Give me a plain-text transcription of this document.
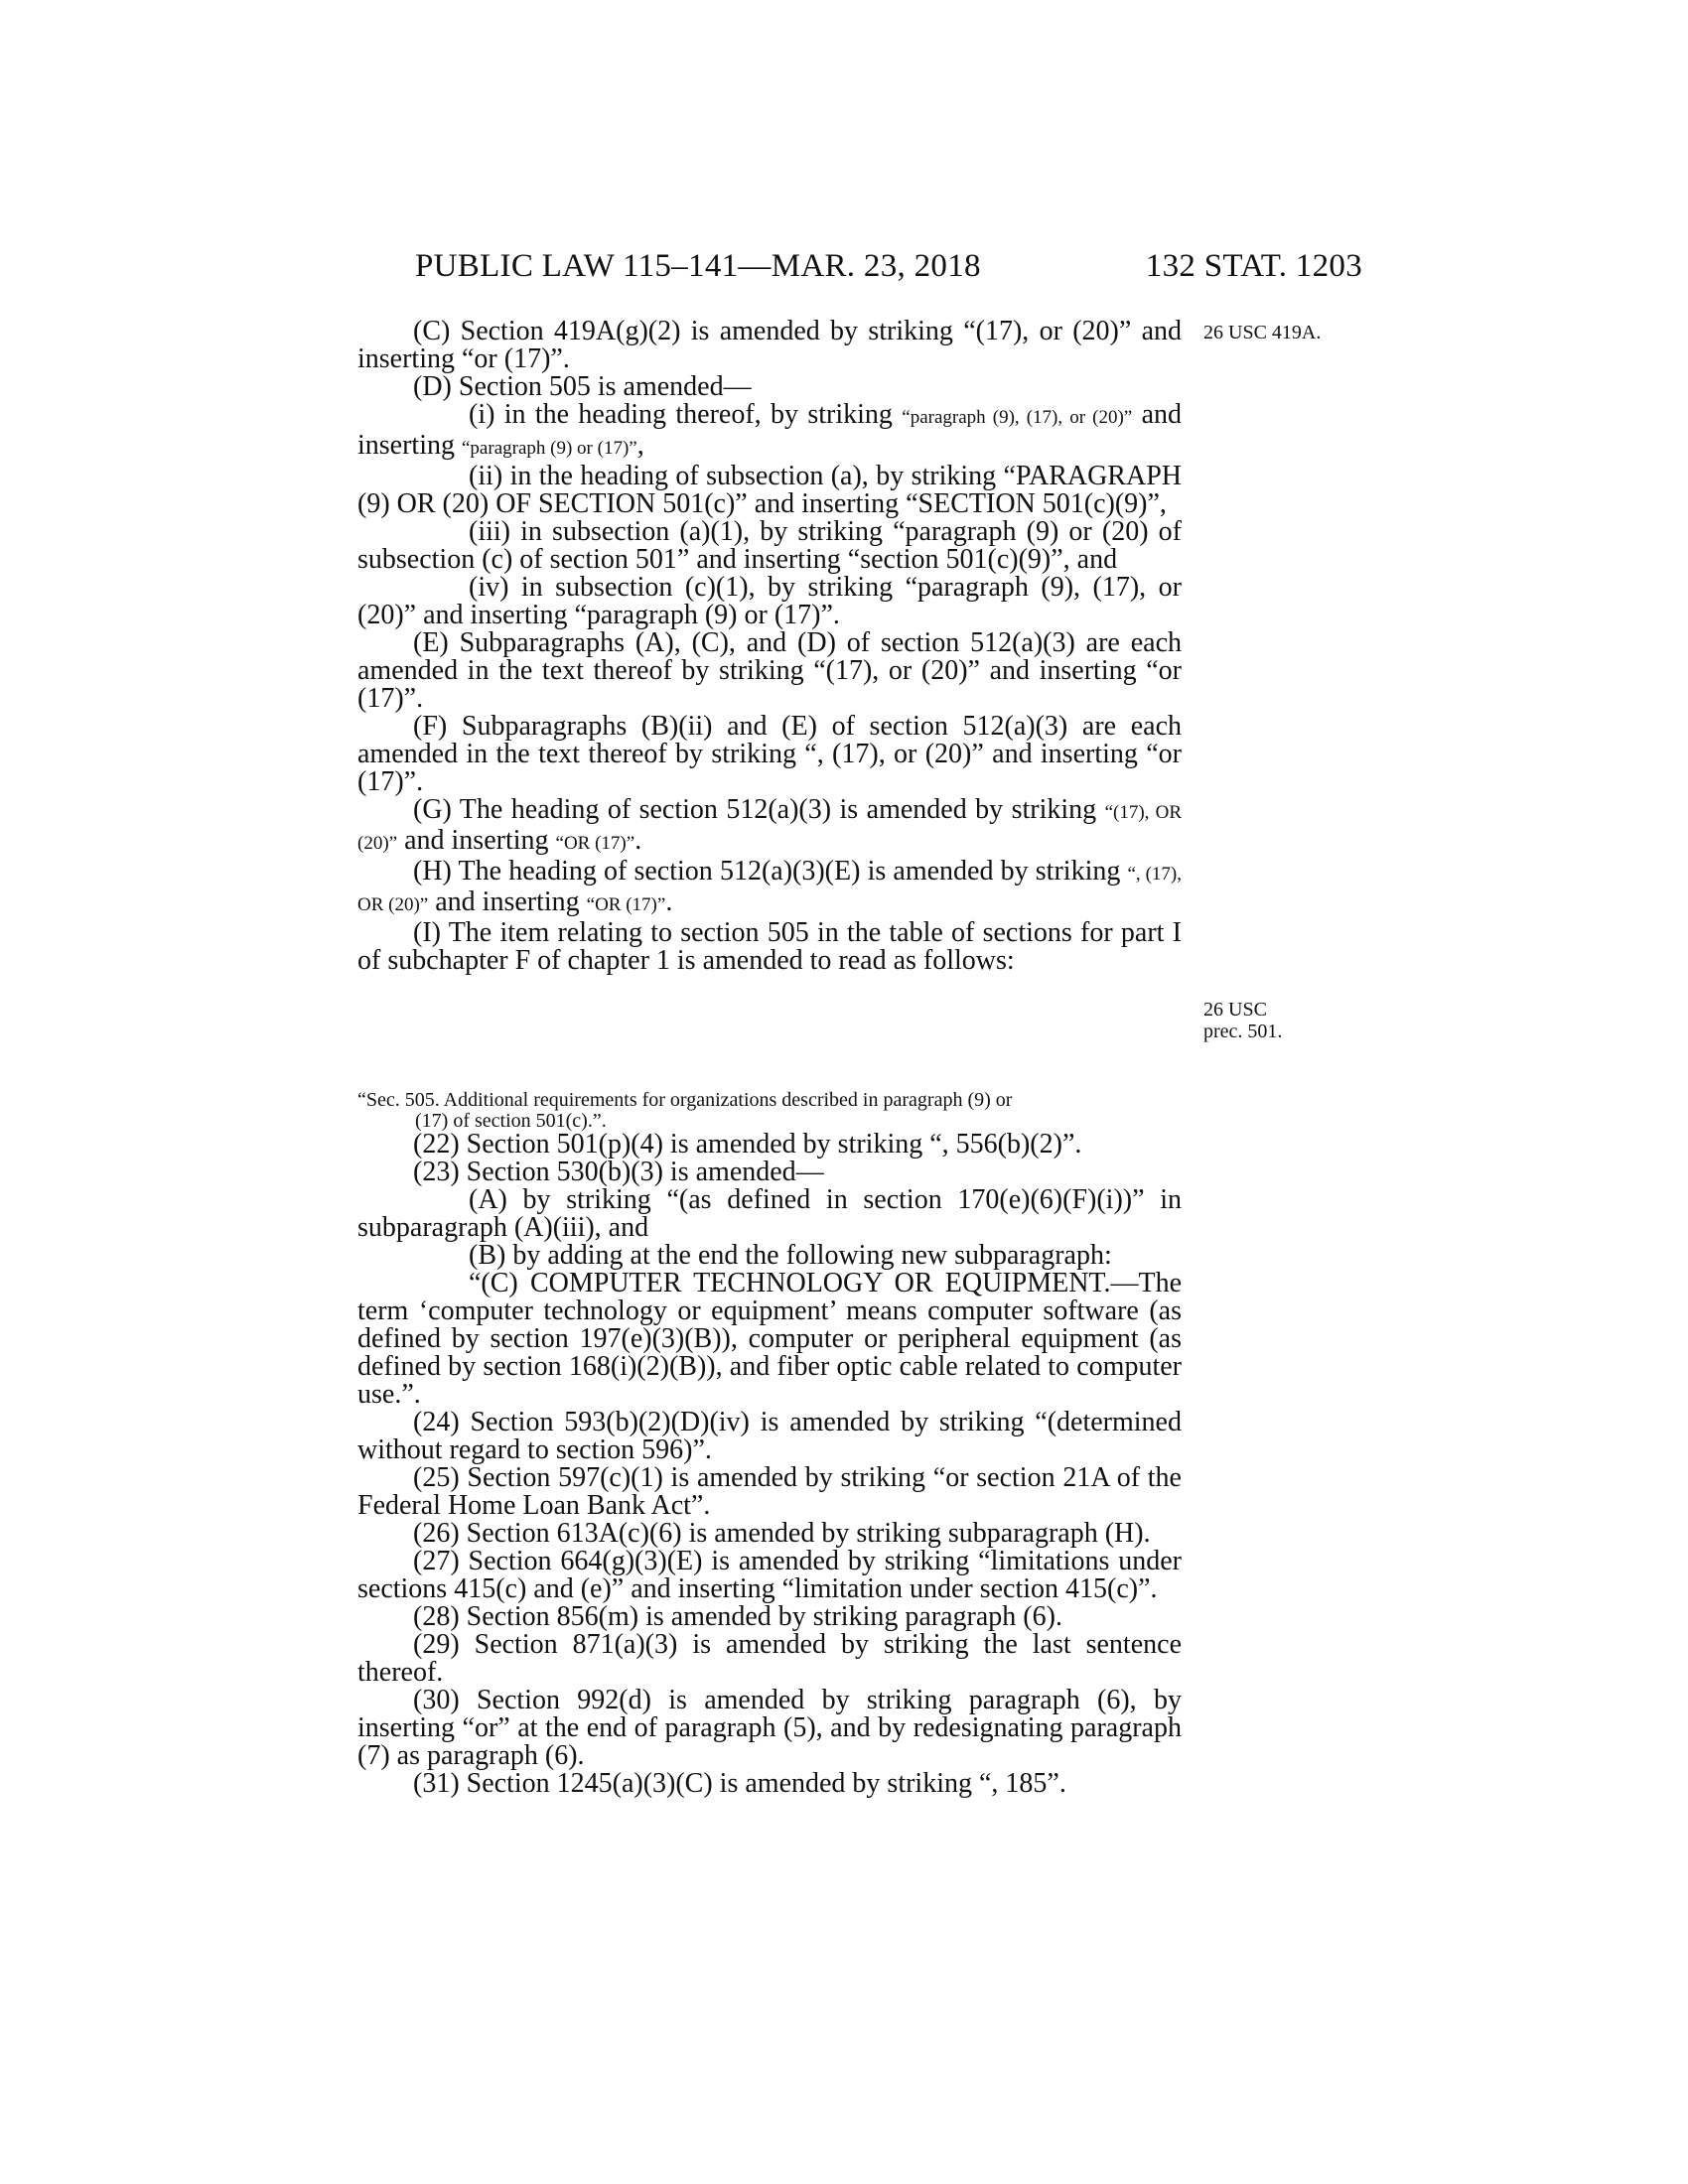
PUBLIC LAW 115–141—MAR. 23, 2018	132 STAT. 1203
26 USC 419A.
26 USC
prec. 501.

(C) Section 419A(g)(2) is amended by striking “(17), or (20)” and inserting “or (17)”.

(D) Section 505 is amended—

(i) in the heading thereof, by striking “paragraph (9), (17), or (20)” and inserting “paragraph (9) or (17)”,

(ii) in the heading of subsection (a), by striking “PARAGRAPH (9) OR (20) OF SECTION 501(c)” and inserting “SECTION 501(c)(9)”,

(iii) in subsection (a)(1), by striking “paragraph (9) or (20) of subsection (c) of section 501” and inserting “section 501(c)(9)”, and

(iv) in subsection (c)(1), by striking “paragraph (9), (17), or (20)” and inserting “paragraph (9) or (17)”.

(E) Subparagraphs (A), (C), and (D) of section 512(a)(3) are each amended in the text thereof by striking “(17), or (20)” and inserting “or (17)”.

(F) Subparagraphs (B)(ii) and (E) of section 512(a)(3) are each amended in the text thereof by striking “, (17), or (20)” and inserting “or (17)”.

(G) The heading of section 512(a)(3) is amended by striking “(17), OR (20)” and inserting “OR (17)”.

(H) The heading of section 512(a)(3)(E) is amended by striking “, (17), OR (20)” and inserting “OR (17)”.

(I) The item relating to section 505 in the table of sections for part I of subchapter F of chapter 1 is amended to read as follows:

“Sec. 505. Additional requirements for organizations described in paragraph (9) or
(17) of section 501(c).”.

(22) Section 501(p)(4) is amended by striking “, 556(b)(2)”.

(23) Section 530(b)(3) is amended—

(A) by striking “(as defined in section 170(e)(6)(F)(i))” in subparagraph (A)(iii), and

(B) by adding at the end the following new subparagraph:

“(C) COMPUTER TECHNOLOGY OR EQUIPMENT.—The term ‘computer technology or equipment’ means computer software (as defined by section 197(e)(3)(B)), computer or peripheral equipment (as defined by section 168(i)(2)(B)), and fiber optic cable related to computer use.”.

(24) Section 593(b)(2)(D)(iv) is amended by striking “(determined without regard to section 596)”.

(25) Section 597(c)(1) is amended by striking “or section 21A of the Federal Home Loan Bank Act”.

(26) Section 613A(c)(6) is amended by striking subparagraph (H).

(27) Section 664(g)(3)(E) is amended by striking “limitations under sections 415(c) and (e)” and inserting “limitation under section 415(c)”.

(28) Section 856(m) is amended by striking paragraph (6).

(29) Section 871(a)(3) is amended by striking the last sentence thereof.

(30) Section 992(d) is amended by striking paragraph (6), by inserting “or” at the end of paragraph (5), and by redesignating paragraph (7) as paragraph (6).

(31) Section 1245(a)(3)(C) is amended by striking “, 185”.
